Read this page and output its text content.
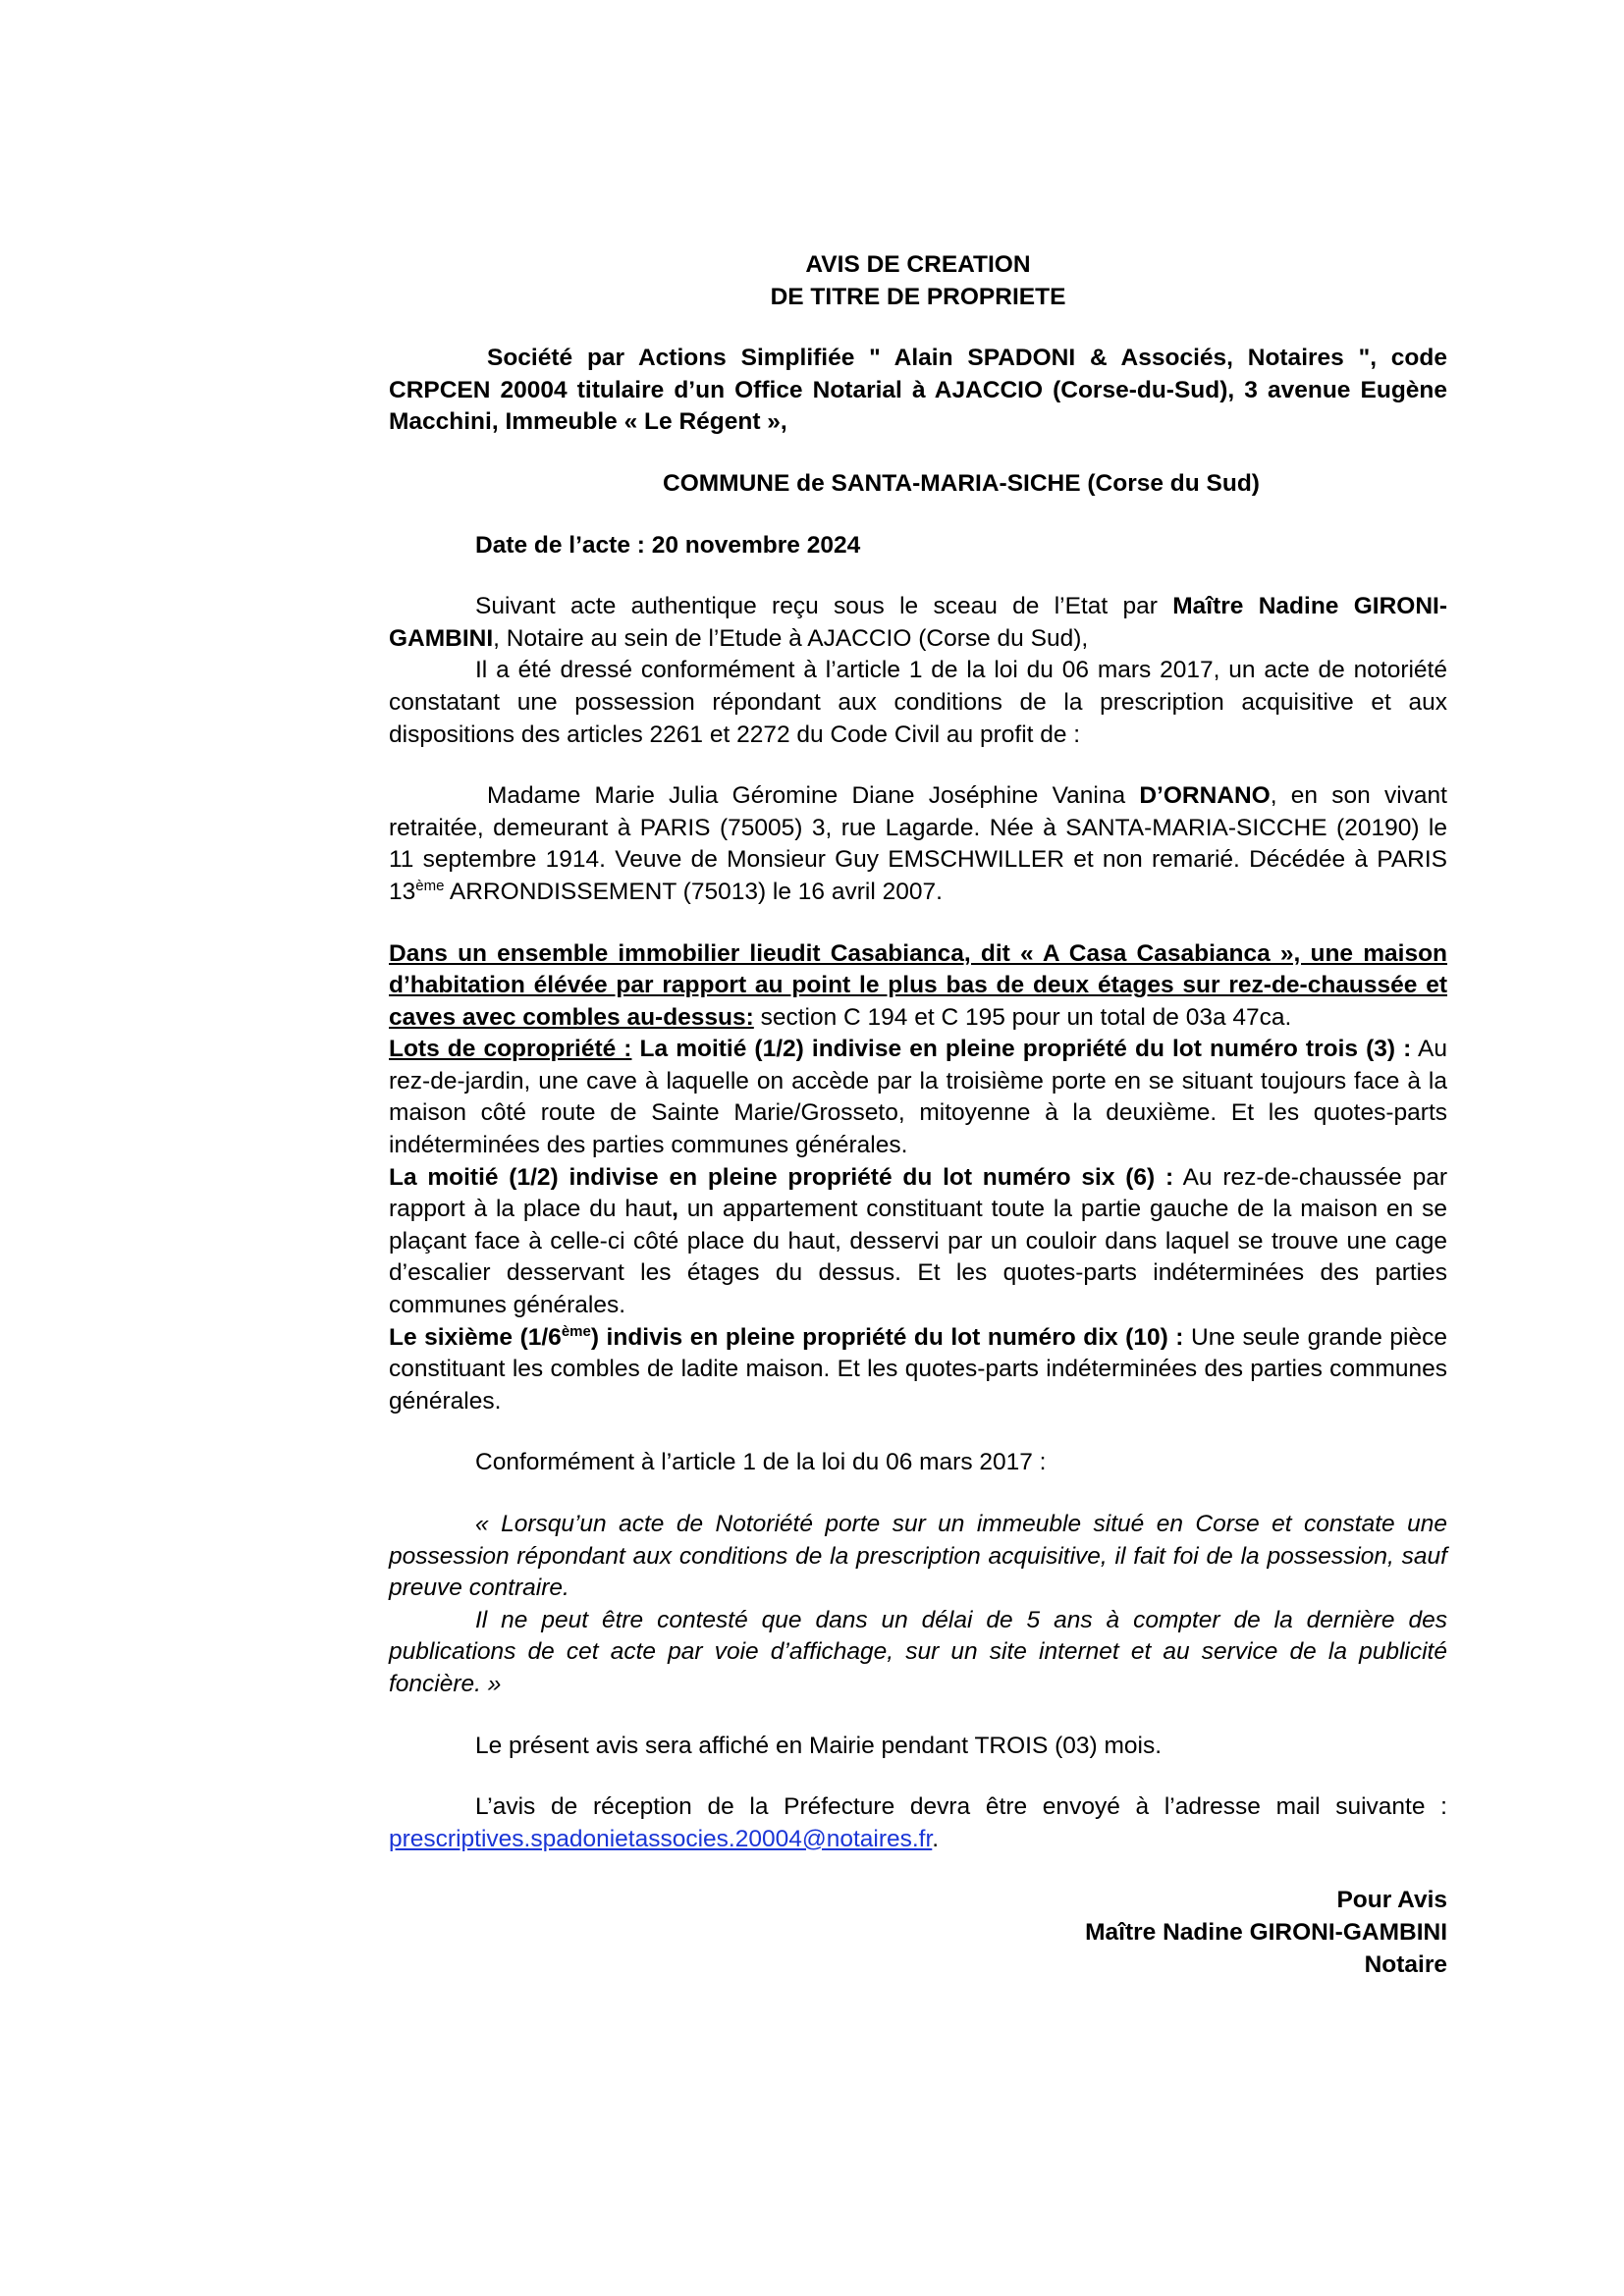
AVIS DE CREATION

DE TITRE DE PROPRIETE

Société par Actions Simplifiée " Alain SPADONI & Associés, Notaires ", code CRPCEN 20004 titulaire d’un Office Notarial à AJACCIO (Corse-du-Sud), 3 avenue Eugène Macchini, Immeuble « Le Régent »,

COMMUNE de SANTA-MARIA-SICHE (Corse du Sud)

Date de l’acte : 20 novembre 2024

Suivant acte authentique reçu sous le sceau de l’Etat par Maître Nadine GIRONI-GAMBINI, Notaire au sein de l’Etude à AJACCIO (Corse du Sud),

Il a été dressé conformément à l’article 1 de la loi du 06 mars 2017, un acte de notoriété constatant une possession répondant aux conditions de la prescription acquisitive et aux dispositions des articles 2261 et 2272 du Code Civil au profit de :

Madame Marie Julia Géromine Diane Joséphine Vanina D’ORNANO, en son vivant retraitée, demeurant à PARIS (75005) 3, rue Lagarde. Née à SANTA-MARIA-SICCHE (20190) le 11 septembre 1914. Veuve de Monsieur Guy EMSCHWILLER et non remarié. Décédée à PARIS 13ème ARRONDISSEMENT (75013) le 16 avril 2007.

Dans un ensemble immobilier lieudit Casabianca, dit « A Casa Casabianca », une maison d’habitation élévée par rapport au point le plus bas de deux étages sur rez-de-chaussée et caves avec combles au-dessus: section C 194 et C 195 pour un total de 03a 47ca.

Lots de copropriété : La moitié (1/2) indivise en pleine propriété du lot numéro trois (3) : Au rez-de-jardin, une cave à laquelle on accède par la troisième porte en se situant toujours face à la maison côté route de Sainte Marie/Grosseto, mitoyenne à la deuxième. Et les quotes-parts indéterminées des parties communes générales.

La moitié (1/2) indivise en pleine propriété du lot numéro six (6) : Au rez-de-chaussée par rapport à la place du haut, un appartement constituant toute la partie gauche de la maison en se plaçant face à celle-ci côté place du haut, desservi par un couloir dans laquel se trouve une cage d’escalier desservant les étages du dessus. Et les quotes-parts indéterminées des parties communes générales.

Le sixième (1/6ème) indivis en pleine propriété du lot numéro dix (10) : Une seule grande pièce constituant les combles de ladite maison. Et les quotes-parts indéterminées des parties communes générales.

Conformément à l’article 1 de la loi du 06 mars 2017 :

« Lorsqu’un acte de Notoriété porte sur un immeuble situé en Corse et constate une possession répondant aux conditions de la prescription acquisitive, il fait foi de la possession, sauf preuve contraire.

Il ne peut être contesté que dans un délai de 5 ans à compter de la dernière des publications de cet acte par voie d’affichage, sur un site internet et au service de la publicité foncière. »

Le présent avis sera affiché en Mairie pendant TROIS (03) mois.

L’avis de réception de la Préfecture devra être envoyé à l’adresse mail suivante : prescriptives.spadonietassocies.20004@notaires.fr.

Pour Avis

Maître Nadine GIRONI-GAMBINI

Notaire
